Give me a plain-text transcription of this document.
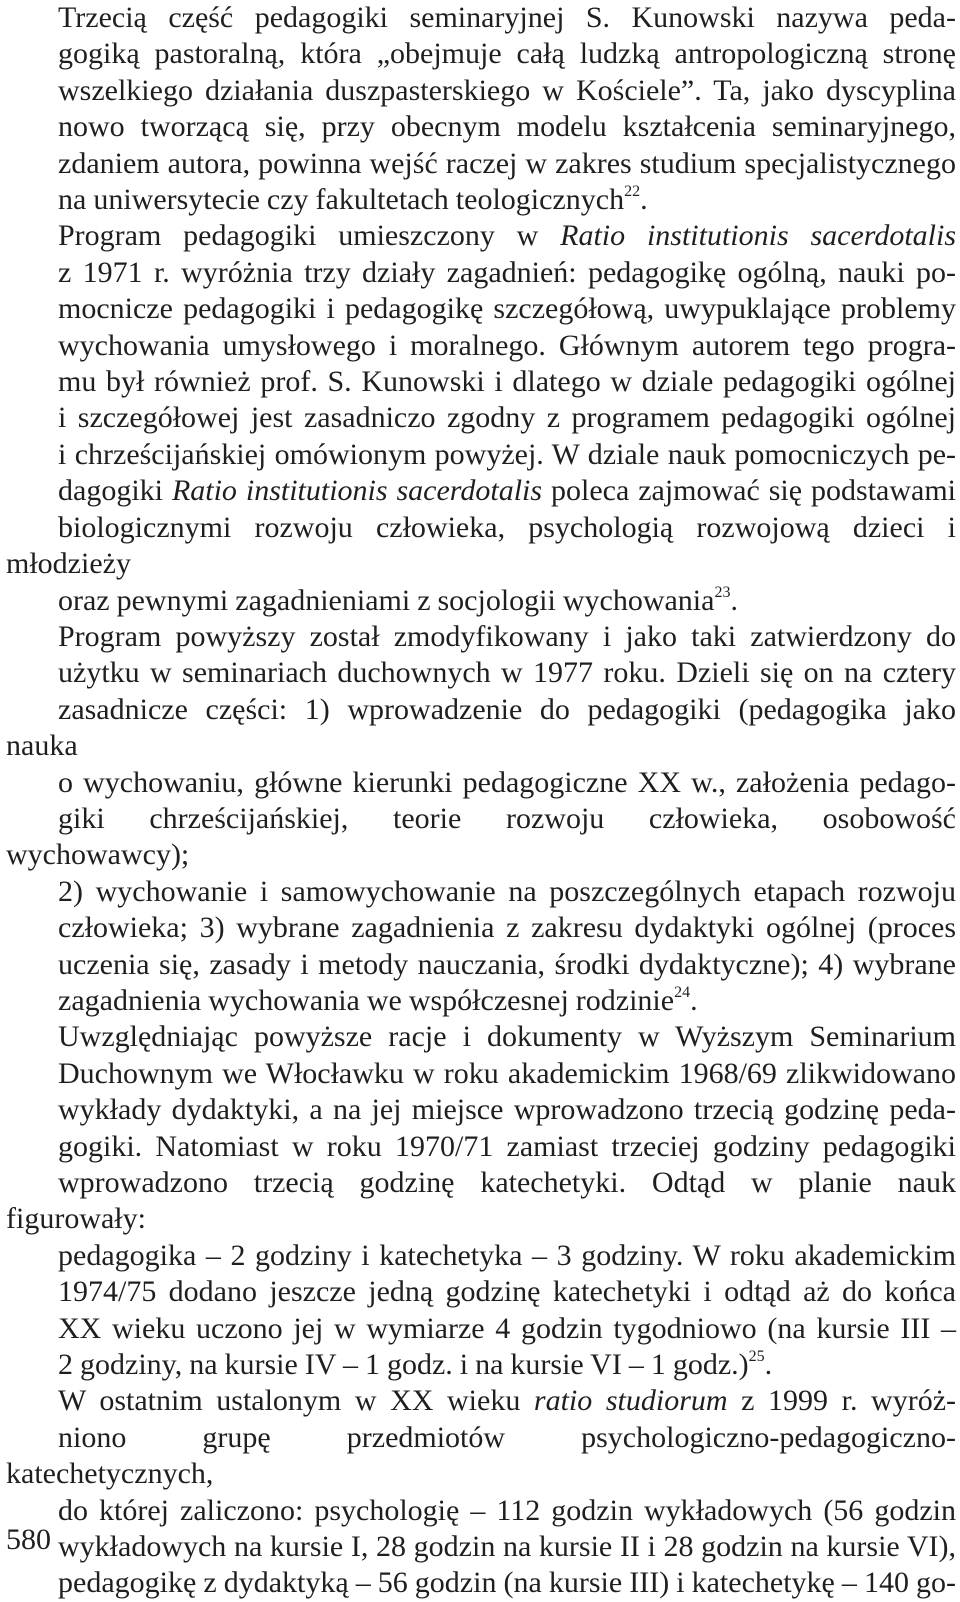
Trzecią część pedagogiki seminaryjnej S. Kunowski nazywa peda-
gogiką pastoralną, która „obejmuje całą ludzką antropologiczną stronę
wszelkiego działania duszpasterskiego w Kościele”. Ta, jako dyscyplina
nowo tworzącą się, przy obecnym modelu kształcenia seminaryjnego,
zdaniem autora, powinna wejść raczej w zakres studium specjalistycznego
na uniwersytecie czy fakultetach teologicznych$^{22}$.

Program pedagogiki umieszczony w Ratio institutionis sacerdotalis
z 1971 r. wyróżnia trzy działy zagadnień: pedagogikę ogólną, nauki po-
mocnicze pedagogiki i pedagogikę szczegółową, uwypuklające problemy
wychowania umysłowego i moralnego. Głównym autorem tego progra-
mu był również prof. S. Kunowski i dlatego w dziale pedagogiki ogólnej
i szczegółowej jest zasadniczo zgodny z programem pedagogiki ogólnej
i chrześcijańskiej omówionym powyżej. W dziale nauk pomocniczych pe-
dagogiki Ratio institutionis sacerdotalis poleca zajmować się podstawami
biologicznymi rozwoju człowieka, psychologią rozwojową dzieci i młodzieży
oraz pewnymi zagadnieniami z socjologii wychowania$^{23}$.

Program powyższy został zmodyfikowany i jako taki zatwierdzony do
użytku w seminariach duchownych w 1977 roku. Dzieli się on na cztery
zasadnicze części: 1) wprowadzenie do pedagogiki (pedagogika jako nauka
o wychowaniu, główne kierunki pedagogiczne XX w., założenia pedago-
giki chrześcijańskiej, teorie rozwoju człowieka, osobowość wychowawcy);
2) wychowanie i samowychowanie na poszczególnych etapach rozwoju
człowieka; 3) wybrane zagadnienia z zakresu dydaktyki ogólnej (proces
uczenia się, zasady i metody nauczania, środki dydaktyczne); 4) wybrane
zagadnienia wychowania we współczesnej rodzinie$^{24}$.

Uwzględniając powyższe racje i dokumenty w Wyższym Seminarium
Duchownym we Włocławku w roku akademickim 1968/69 zlikwidowano
wykłady dydaktyki, a na jej miejsce wprowadzono trzecią godzinę peda-
gogiki. Natomiast w roku 1970/71 zamiast trzeciej godziny pedagogiki
wprowadzono trzecią godzinę katechetyki. Odtąd w planie nauk figurowały:
pedagogika – 2 godziny i katechetyka – 3 godziny. W roku akademickim
1974/75 dodano jeszcze jedną godzinę katechetyki i odtąd aż do końca
XX wieku uczono jej w wymiarze 4 godzin tygodniowo (na kursie III –
2 godziny, na kursie IV – 1 godz. i na kursie VI – 1 godz.)$^{25}$.

W ostatnim ustalonym w XX wieku ratio studiorum z 1999 r. wyróż-
niono grupę przedmiotów psychologiczno-pedagogiczno-katechetycznych,
do której zaliczono: psychologię – 112 godzin wykładowych (56 godzin
wykładowych na kursie I, 28 godzin na kursie II i 28 godzin na kursie VI),
pedagogikę z dydaktyką – 56 godzin (na kursie III) i katechetykę – 140 go-

580
